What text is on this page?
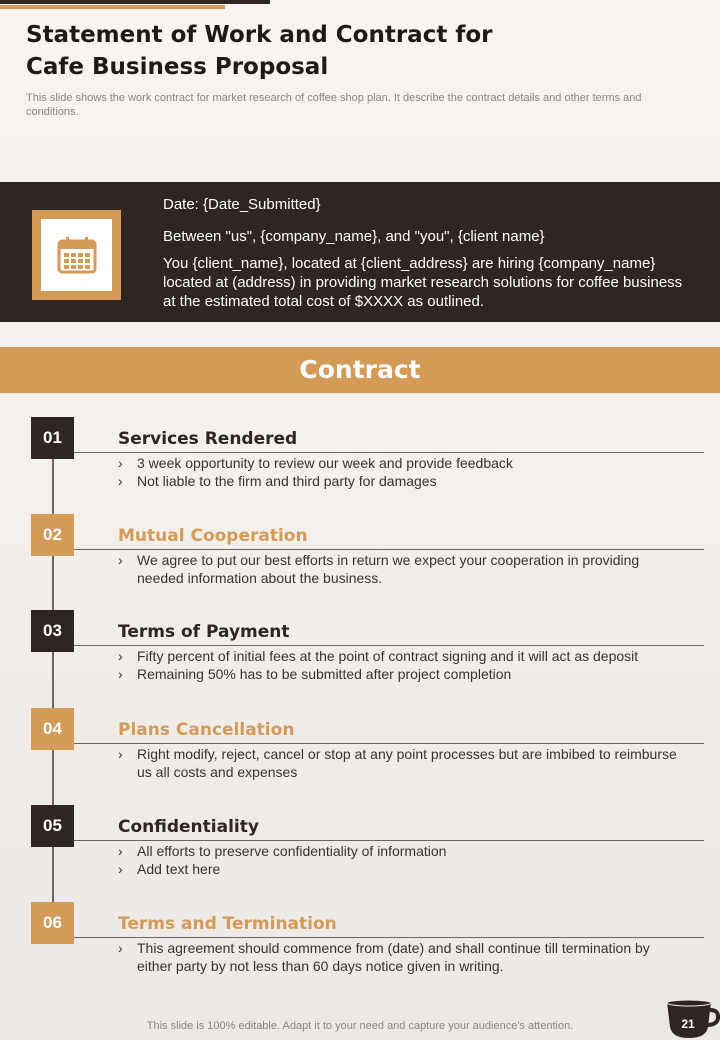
Statement of Work and Contract for Cafe Business Proposal

This slide shows the work contract for market research of coffee shop plan. It describe the contract details and other terms and conditions.

Date: {Date_Submitted}
Between "us", {company_name}, and "you", {client name}
You {client_name}, located at {client_address} are hiring {company_name} located at (address) in providing market research solutions for coffee business at the estimated total cost of $XXXX as outlined.
Contract
01	Services Rendered
› 3 week opportunity to review our week and provide feedback
› Not liable to the firm and third party for damages
02	Mutual Cooperation
› We agree to put our best efforts in return we expect your cooperation in providing needed information about the business.
03	Terms of Payment
› Fifty percent of initial fees at the point of contract signing and it will act as deposit
› Remaining 50% has to be submitted after project completion
04	Plans Cancellation
› Right modify, reject, cancel or stop at any point processes but are imbibed to reimburse us all costs and expenses
05	Confidentiality
› All efforts to preserve confidentiality of information
› Add text here
06	Terms and Termination
› This agreement should commence from (date) and shall continue till termination by either party by not less than 60 days notice given in writing.
This slide is 100% editable. Adapt it to your need and capture your audience's attention.	21
